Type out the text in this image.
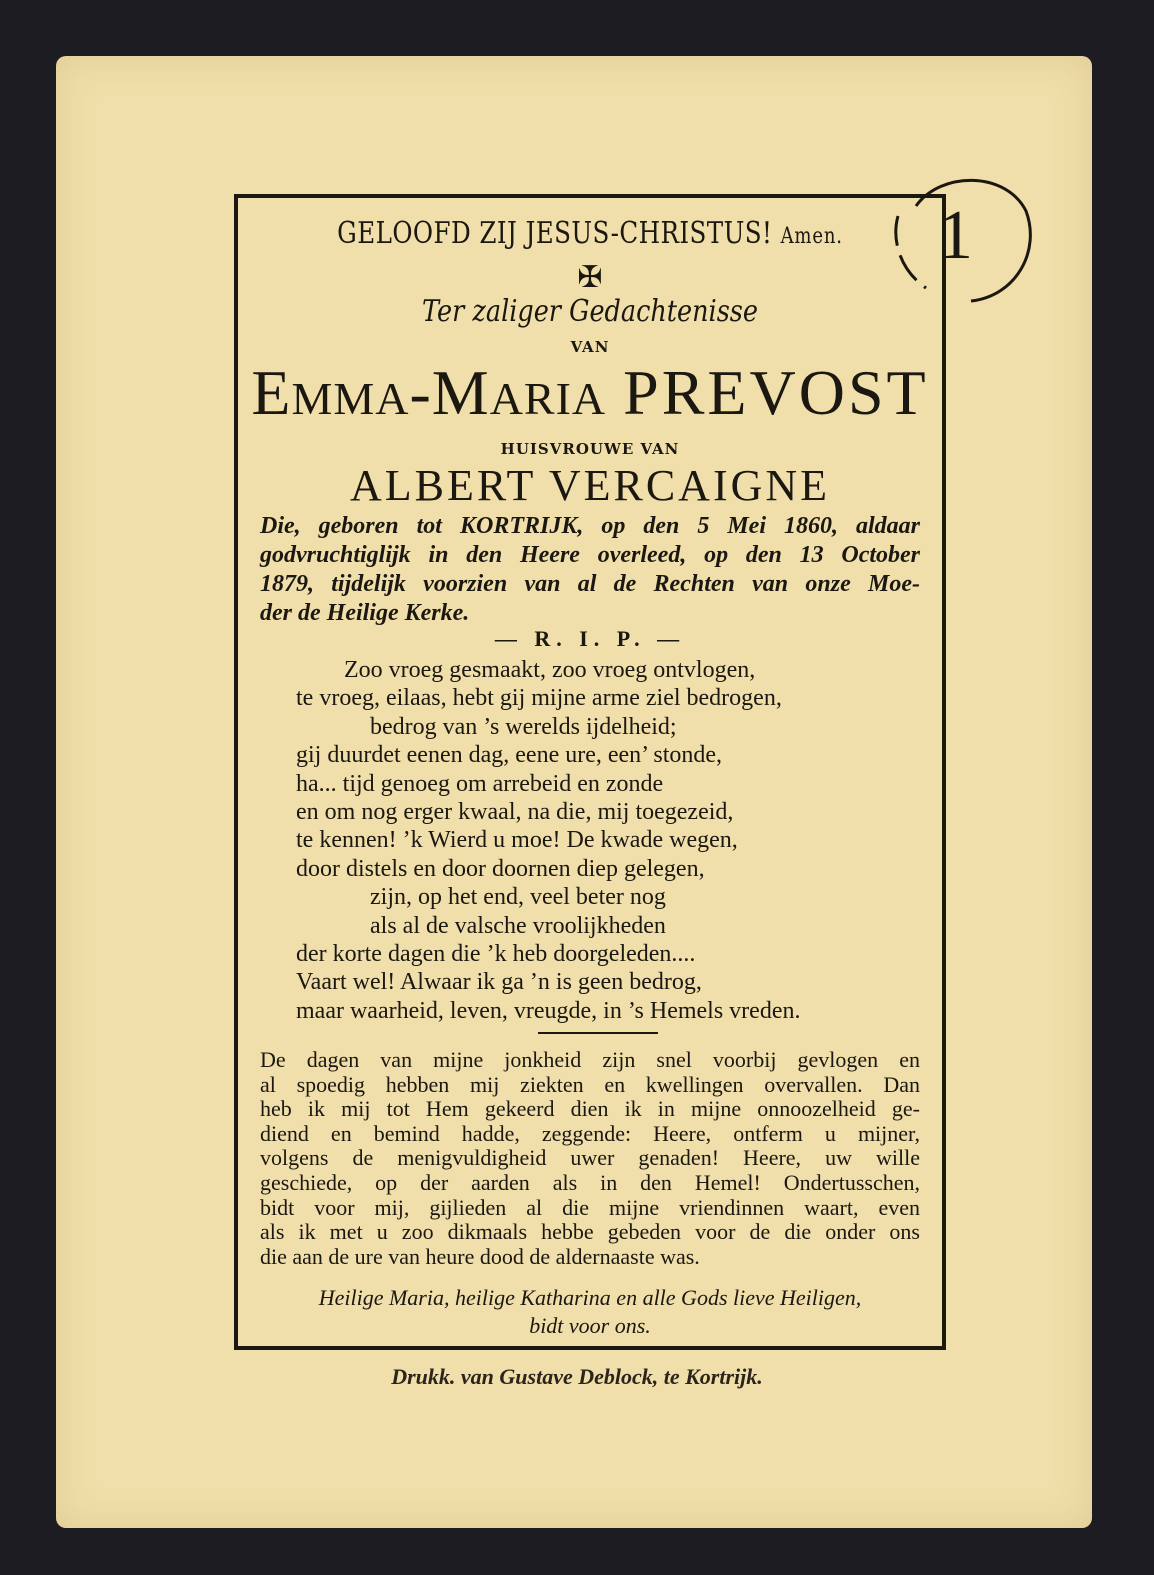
GELOOFD ZIJ JESUS-CHRISTUS! Amen.
✠
Ter zaliger Gedachtenisse
VAN
EMMA-MARIA PREVOST
HUISVROUWE VAN
ALBERT VERCAIGNE
Die, geboren tot KORTRIJK, op den 5 Mei 1860, aldaar
godvruchtiglijk in den Heere overleed, op den 13 October
1879, tijdelijk voorzien van al de Rechten van onze Moe-
der de Heilige Kerke.
— R. I. P. —
Zoo vroeg gesmaakt, zoo vroeg ontvlogen,
te vroeg, eilaas, hebt gij mijne arme ziel bedrogen,
bedrog van ’s werelds ijdelheid;
gij duurdet eenen dag, eene ure, een’ stonde,
ha... tijd genoeg om arrebeid en zonde
en om nog erger kwaal, na die, mij toegezeid,
te kennen! ’k Wierd u moe! De kwade wegen,
door distels en door doornen diep gelegen,
zijn, op het end, veel beter nog
als al de valsche vroolijkheden
der korte dagen die ’k heb doorgeleden....
Vaart wel! Alwaar ik ga ’n is geen bedrog,
maar waarheid, leven, vreugde, in ’s Hemels vreden.
De dagen van mijne jonkheid zijn snel voorbij gevlogen en
al spoedig hebben mij ziekten en kwellingen overvallen. Dan
heb ik mij tot Hem gekeerd dien ik in mijne onnoozelheid ge-
diend en bemind hadde, zeggende: Heere, ontferm u mijner,
volgens de menigvuldigheid uwer genaden! Heere, uw wille
geschiede, op der aarden als in den Hemel! Ondertusschen,
bidt voor mij, gijlieden al die mijne vriendinnen waart, even
als ik met u zoo dikmaals hebbe gebeden voor de die onder ons
die aan de ure van heure dood de aldernaaste was.
Heilige Maria, heilige Katharina en alle Gods lieve Heiligen,
bidt voor ons.
Drukk. van Gustave Deblock, te Kortrijk.
1
